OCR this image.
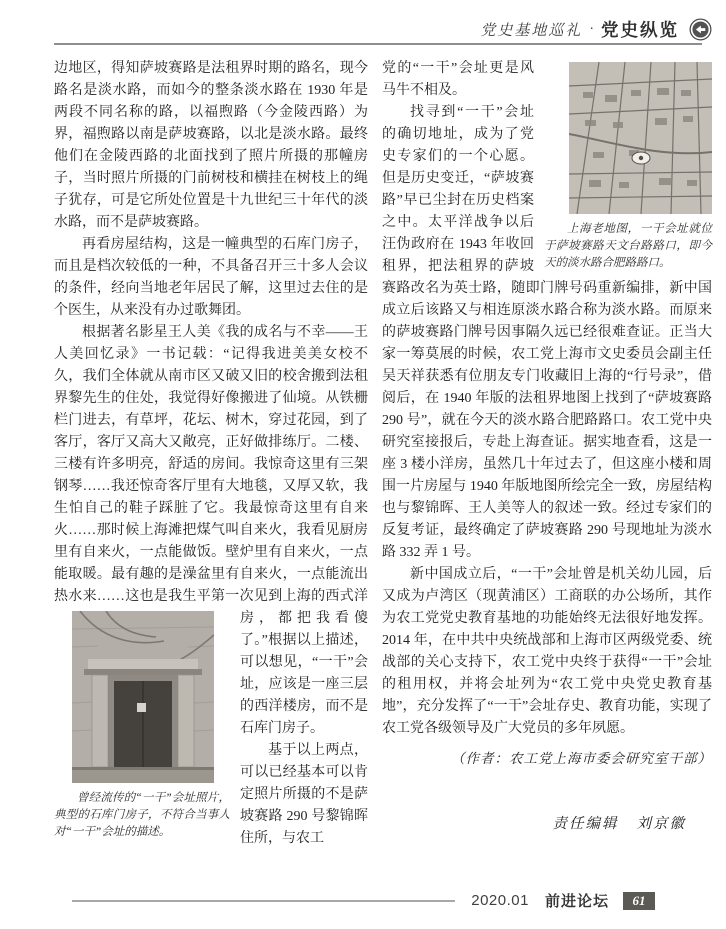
党史基地巡礼 · 党史纵览

边地区，得知萨坡赛路是法租界时期的路名，现今路名是淡水路，而如今的整条淡水路在 1930 年是两段不同名称的路，以福煦路（今金陵西路）为界，福煦路以南是萨坡赛路，以北是淡水路。最终他们在金陵西路的北面找到了照片所摄的那幢房子，当时照片所摄的门前树枝和横挂在树枝上的绳子犹存，可是它所处位置是十九世纪三十年代的淡水路，而不是萨坡赛路。

再看房屋结构，这是一幢典型的石库门房子，而且是档次较低的一种，不具备召开三十多人会议的条件，经向当地老年居民了解，这里过去住的是个医生，从来没有办过歌舞团。

根据著名影星王人美《我的成名与不幸——王人美回忆录》一书记载：“记得我进美美女校不久，我们全体就从南市区又破又旧的校舍搬到法租界黎先生的住处，我觉得好像搬进了仙境。从铁栅栏门进去，有草坪，花坛、树木，穿过花园，到了客厅，客厅又高大又敞亮，正好做排练厅。二楼、三楼有许多明亮，舒适的房间。我惊奇这里有三架钢琴……我还惊奇客厅里有大地毯，又厚又软，我生怕自己的鞋子踩脏了它。我最惊奇这里有自来火……那时候上海滩把煤气叫自来火，我看见厨房里有自来火，一点能做饭。壁炉里有自来火，一点能取暖。最有趣的是澡盆里有自来火，一点能流出热水来……这也是我生平第一次
曾经流传的“一干”会址照片，典型的石库门房子，不符合当事人对“一干”会址的描述。
见到上海的西式洋房，都把我看傻了。”根据以上描述，可以想见，“一干”会址，应该是一座三层的西洋楼房，而不是石库门房子。

基于以上两点，可以已经基本可以肯定照片所摄的不是萨坡赛路 290 号黎锦晖住所，与农工

上海老地图，一干会址就位于萨坡赛路天文台路路口，即今天的淡水路合肥路路口。
党的“一干”会址更是风马牛不相及。

找寻到“一干”会址的确切地址，成为了党史专家们的一个心愿。但是历史变迁，“萨坡赛路”早已尘封在历史档案之中。太平洋战争以后汪伪政府在 1943 年收回租界，把法租界的萨坡赛路改名为英士路，随即门牌号码重新编排，新中国成立后该路又与相连原淡水路合称为淡水路。而原来的萨坡赛路门牌号因事隔久远已经很难查证。正当大家一筹莫展的时候，农工党上海市文史委员会副主任吴天祥获悉有位朋友专门收藏旧上海的“行号录”，借阅后，在 1940 年版的法租界地图上找到了“萨坡赛路 290 号”，就在今天的淡水路合肥路路口。农工党中央研究室接报后，专赴上海查证。据实地查看，这是一座 3 楼小洋房，虽然几十年过去了，但这座小楼和周围一片房屋与 1940 年版地图所绘完全一致，房屋结构也与黎锦晖、王人美等人的叙述一致。经过专家们的反复考证，最终确定了萨坡赛路 290 号现地址为淡水路 332 弄 1 号。

新中国成立后，“一干”会址曾是机关幼儿园，后又成为卢湾区（现黄浦区）工商联的办公场所，其作为农工党党史教育基地的功能始终无法很好地发挥。2014 年，在中共中央统战部和上海市区两级党委、统战部的关心支持下，农工党中央终于获得“一干”会址的租用权，并将会址列为“农工党中央党史教育基地”，充分发挥了“一干”会址存史、教育功能，实现了农工党各级领导及广大党员的多年夙愿。

（作者：农工党上海市委会研究室干部）

责任编辑 刘京徽
2020.01 前进论坛	61
